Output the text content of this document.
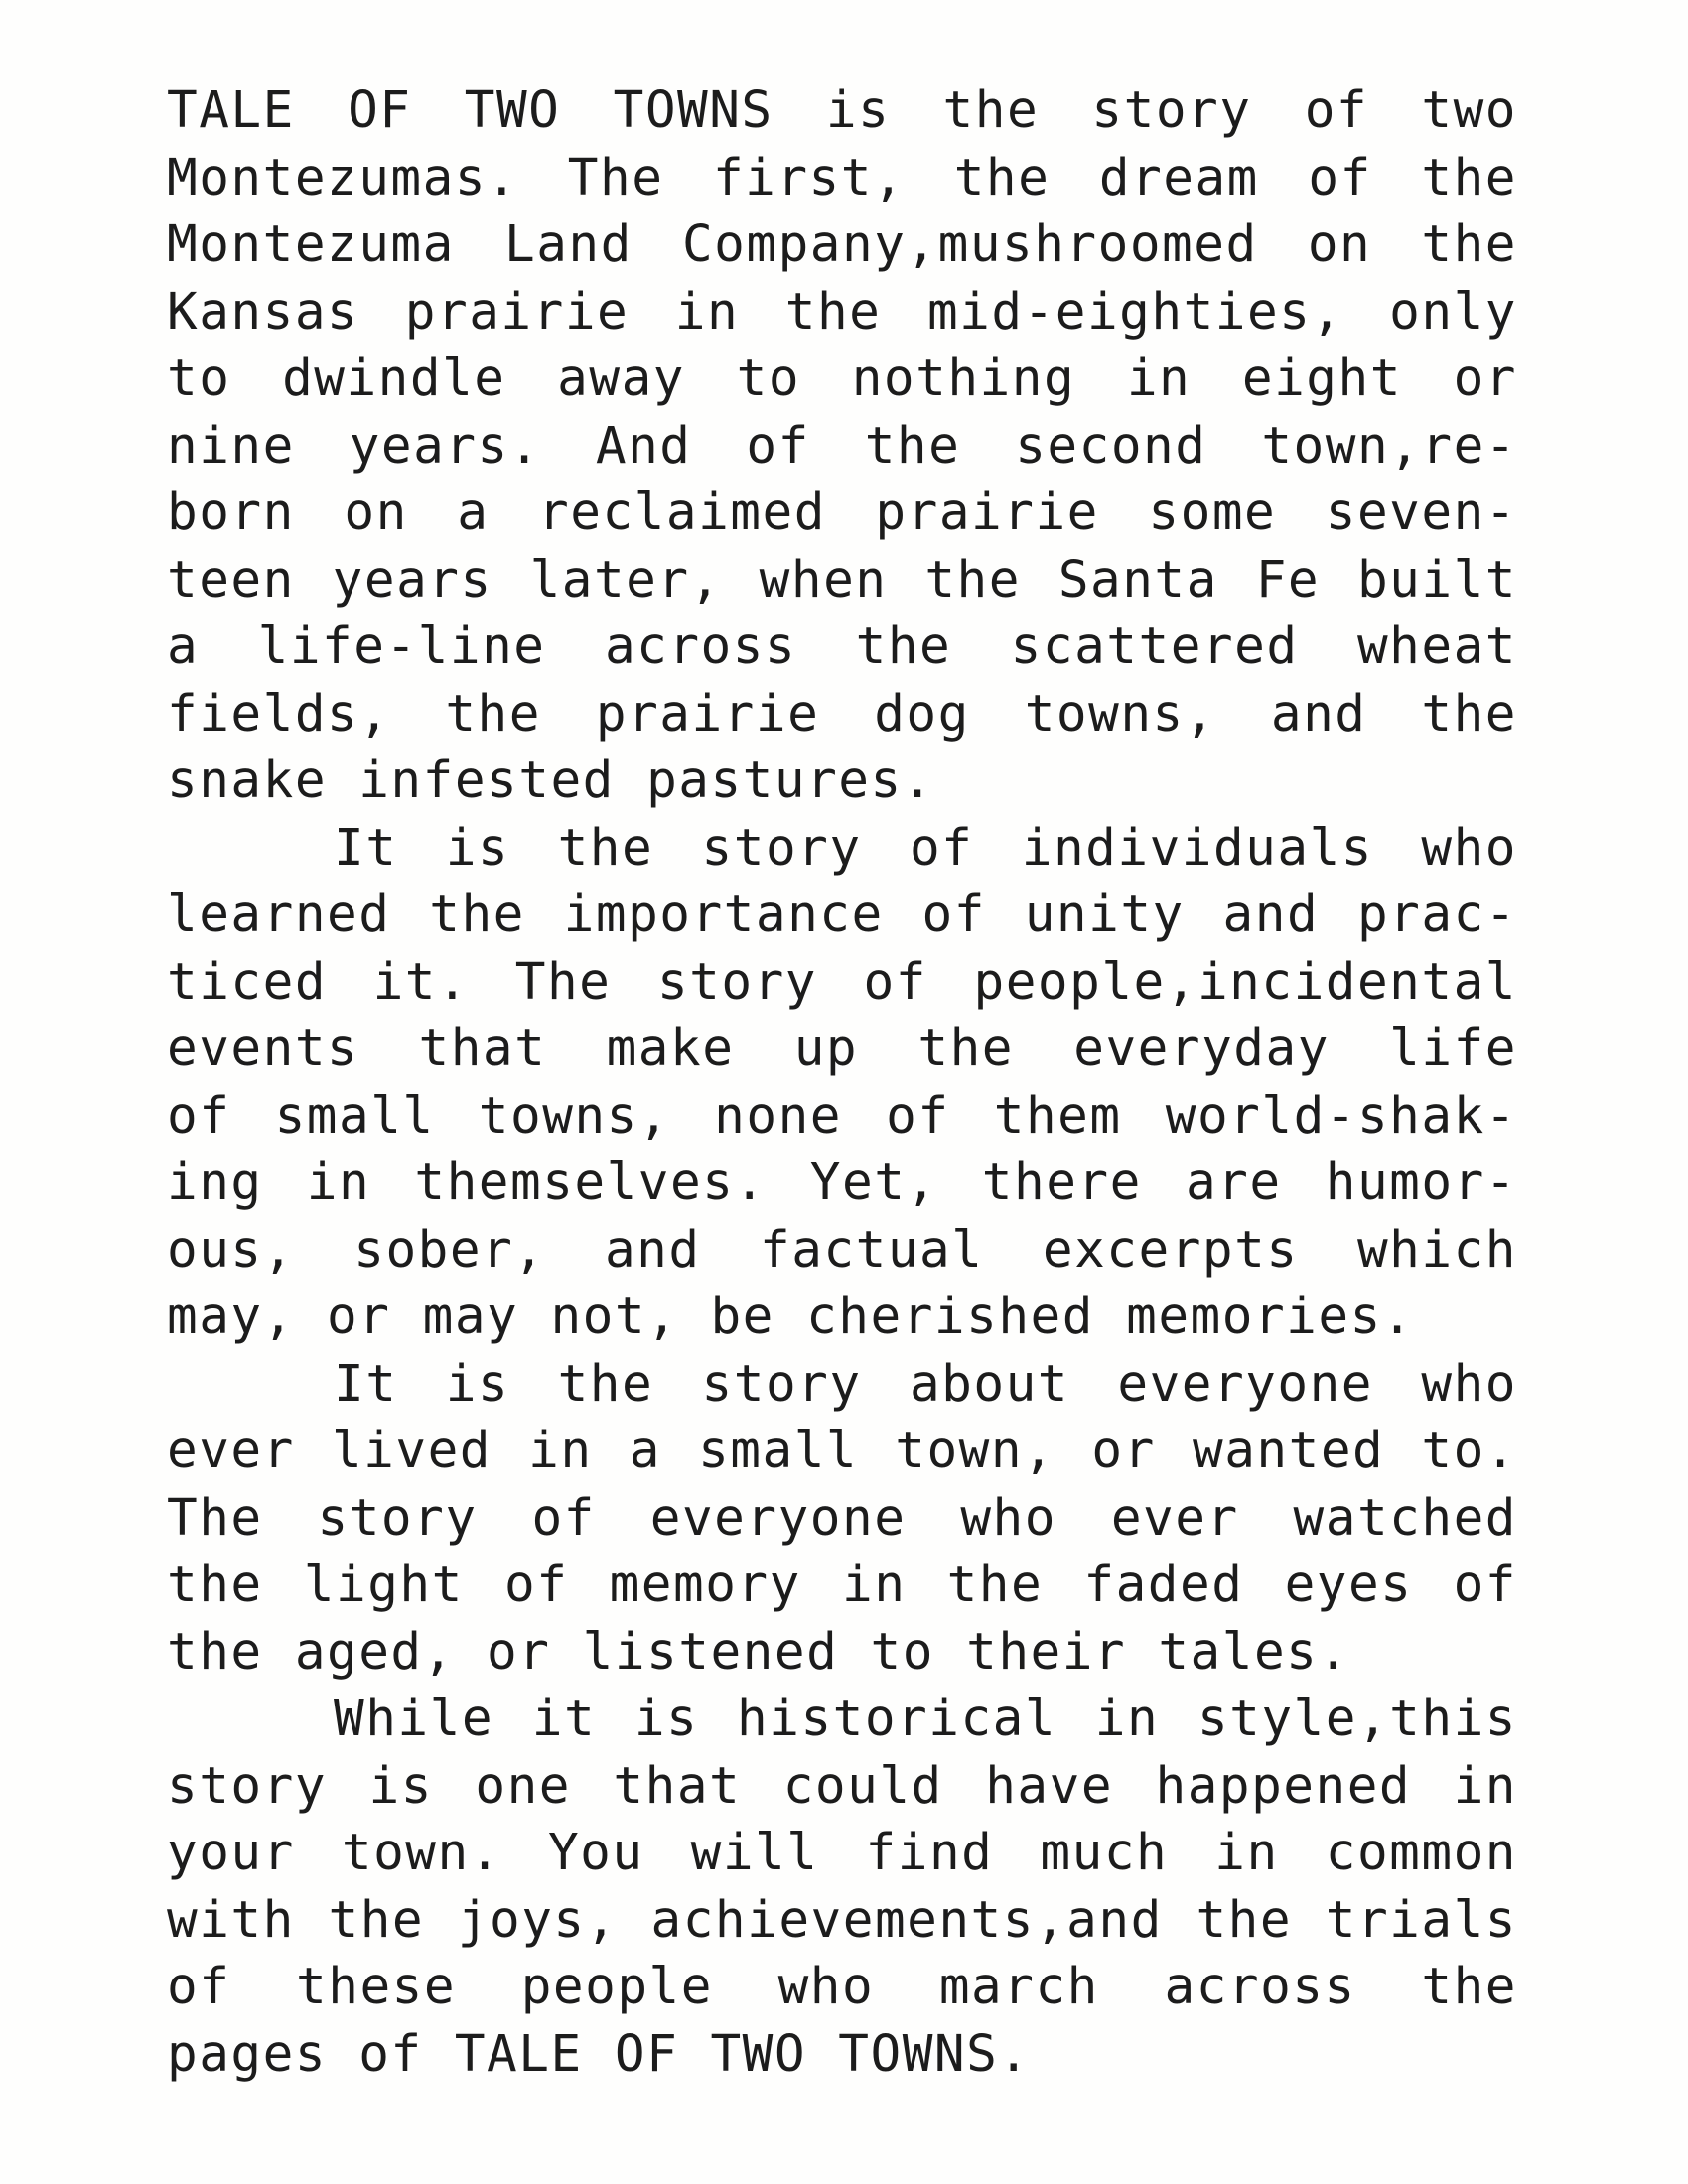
TALE OF TWO TOWNS is the story of two
Montezumas. The first, the dream of the
Montezuma Land Company,mushroomed on the
Kansas prairie in the mid-eighties, only
to dwindle away to nothing in eight or
nine years. And of the second town,re-
born on a reclaimed prairie some seven-
teen years later, when the Santa Fe built
a life-line across the scattered wheat
fields, the prairie dog towns, and the
snake infested pastures.
It is the story of individuals who
learned the importance of unity and prac-
ticed it. The story of people,incidental
events that make up the everyday life
of small towns, none of them world-shak-
ing in themselves. Yet, there are humor-
ous, sober, and factual excerpts which
may, or may not, be cherished memories.
It is the story about everyone who
ever lived in a small town, or wanted to.
The story of everyone who ever watched
the light of memory in the faded eyes of
the aged, or listened to their tales.
While it is historical in style,this
story is one that could have happened in
your town. You will find much in common
with the joys, achievements,and the trials
of these people who march across the
pages of TALE OF TWO TOWNS.
